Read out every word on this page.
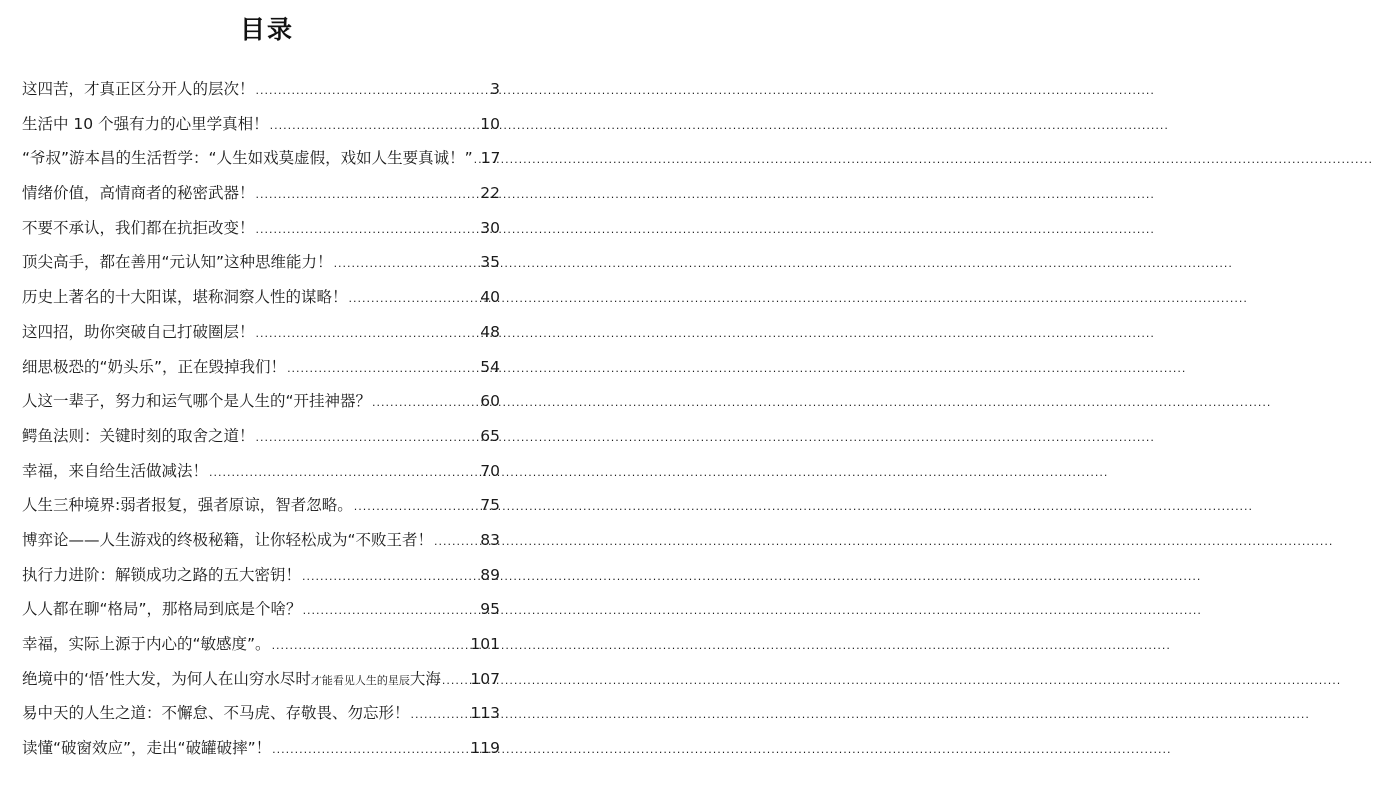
目录
这四苦，才真正区分开人的层次！ .....	3
生活中 10 个强有力的心里学真相！ .....	10
“爷叔”游本昌的生活哲学：“人生如戏莫虚假，戏如人生要真诚！” ..... 17
情绪价值，高情商者的秘密武器！ .....	22
不要不承认，我们都在抗拒改变！ .....	30
顶尖高手，都在善用“元认知”这种思维能力！ .....	35
历史上著名的十大阳谋，堪称洞察人性的谋略！ .....	40
这四招，助你突破自己打破圈层！ .....	48
细思极恐的“奶头乐”，正在毁掉我们！ .....	54
人这一辈子，努力和运气哪个是人生的“开挂神器？ .....	60
鳄鱼法则：关键时刻的取舍之道！ .....	65
幸福，来自给生活做减法！ .....	70
人生三种境界:弱者报复，强者原谅，智者忽略。 .....	75
博弈论——人生游戏的终极秘籍，让你轻松成为“不败王者！ .....	83
执行力进阶：解锁成功之路的五大密钥！ .....	89
人人都在聊“格局”，那格局到底是个啥？ .....	95
幸福，实际上源于内心的“敏感度”。 .....	101
绝境中的‘悟’性大发，为何人在山穷水尽时才能看见人生的星辰大海 ..... 107
易中天的人生之道：不懈怠、不马虎、存敬畏、勿忘形！ .....	113
读懂“破窗效应”，走出“破罐破摔”！ .....	119
